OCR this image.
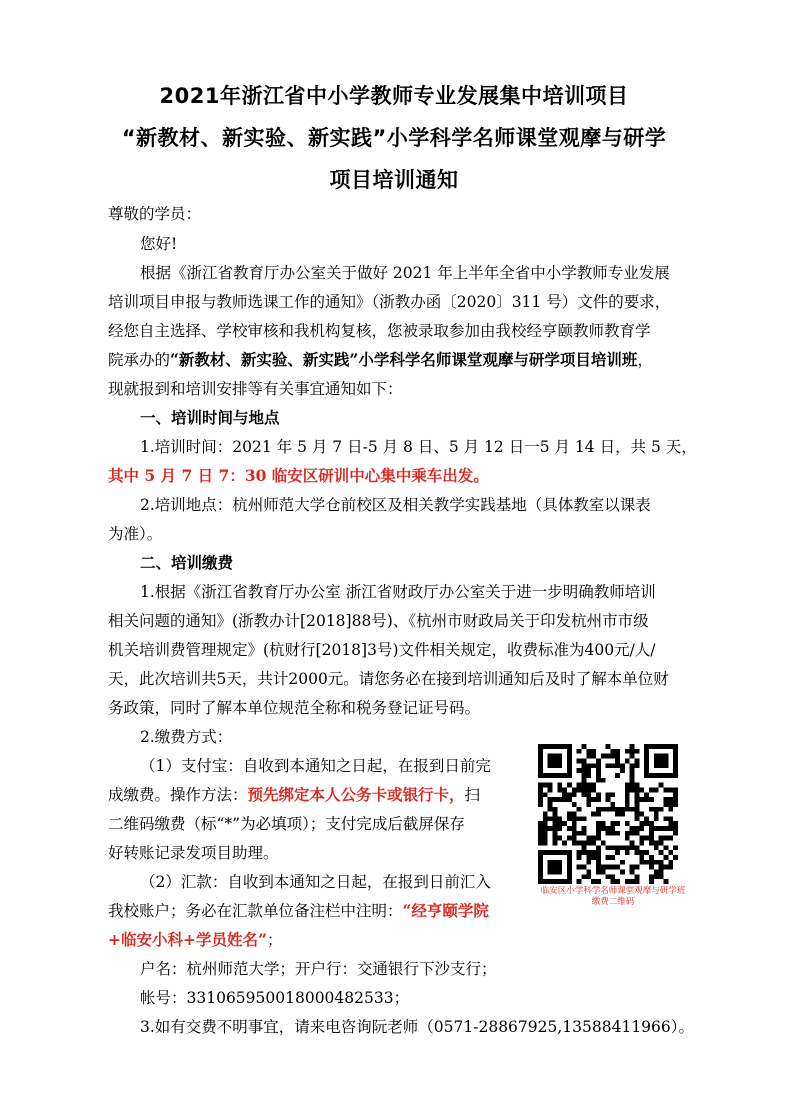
2021年浙江省中小学教师专业发展集中培训项目
“新教材、新实验、新实践”小学科学名师课堂观摩与研学
项目培训通知
尊敬的学员：
您好!
根据《浙江省教育厅办公室关于做好 2021 年上半年全省中小学教师专业发展
培训项目申报与教师选课工作的通知》（浙教办函〔2020〕311 号）文件的要求，
经您自主选择、学校审核和我机构复核，您被录取参加由我校经亨颐教师教育学
院承办的“新教材、新实验、新实践”小学科学名师课堂观摩与研学项目培训班，
现就报到和培训安排等有关事宜通知如下：
一、培训时间与地点
1.培训时间：2021 年 5 月 7 日-5 月 8 日、5 月 12 日一5 月 14 日，共 5 天，
其中 5 月 7 日 7：30 临安区研训中心集中乘车出发。
2.培训地点：杭州师范大学仓前校区及相关教学实践基地（具体教室以课表
为准）。
二、培训缴费
1.根据《浙江省教育厅办公室 浙江省财政厅办公室关于进一步明确教师培训
相关问题的通知》(浙教办计[2018]88号)、《杭州市财政局关于印发杭州市市级
机关培训费管理规定》(杭财行[2018]3号)文件相关规定，收费标准为400元/人/
天，此次培训共5天，共计2000元。请您务必在接到培训通知后及时了解本单位财
务政策，同时了解本单位规范全称和税务登记证号码。
2.缴费方式：
（1）支付宝：自收到本通知之日起，在报到日前完
成缴费。操作方法：预先绑定本人公务卡或银行卡，扫
二维码缴费（标“*”为必填项）；支付完成后截屏保存
好转账记录发项目助理。
（2）汇款：自收到本通知之日起，在报到日前汇入
我校账户；务必在汇款单位备注栏中注明：“经亨颐学院
+临安小科+学员姓名”；
户名：杭州师范大学；开户行：交通银行下沙支行；
帐号：331065950018000482533；
3.如有交费不明事宜，请来电咨询阮老师（0571-28867925,13588411966）。
临安区小学科学名师课堂观摩与研学班
缴费二维码
